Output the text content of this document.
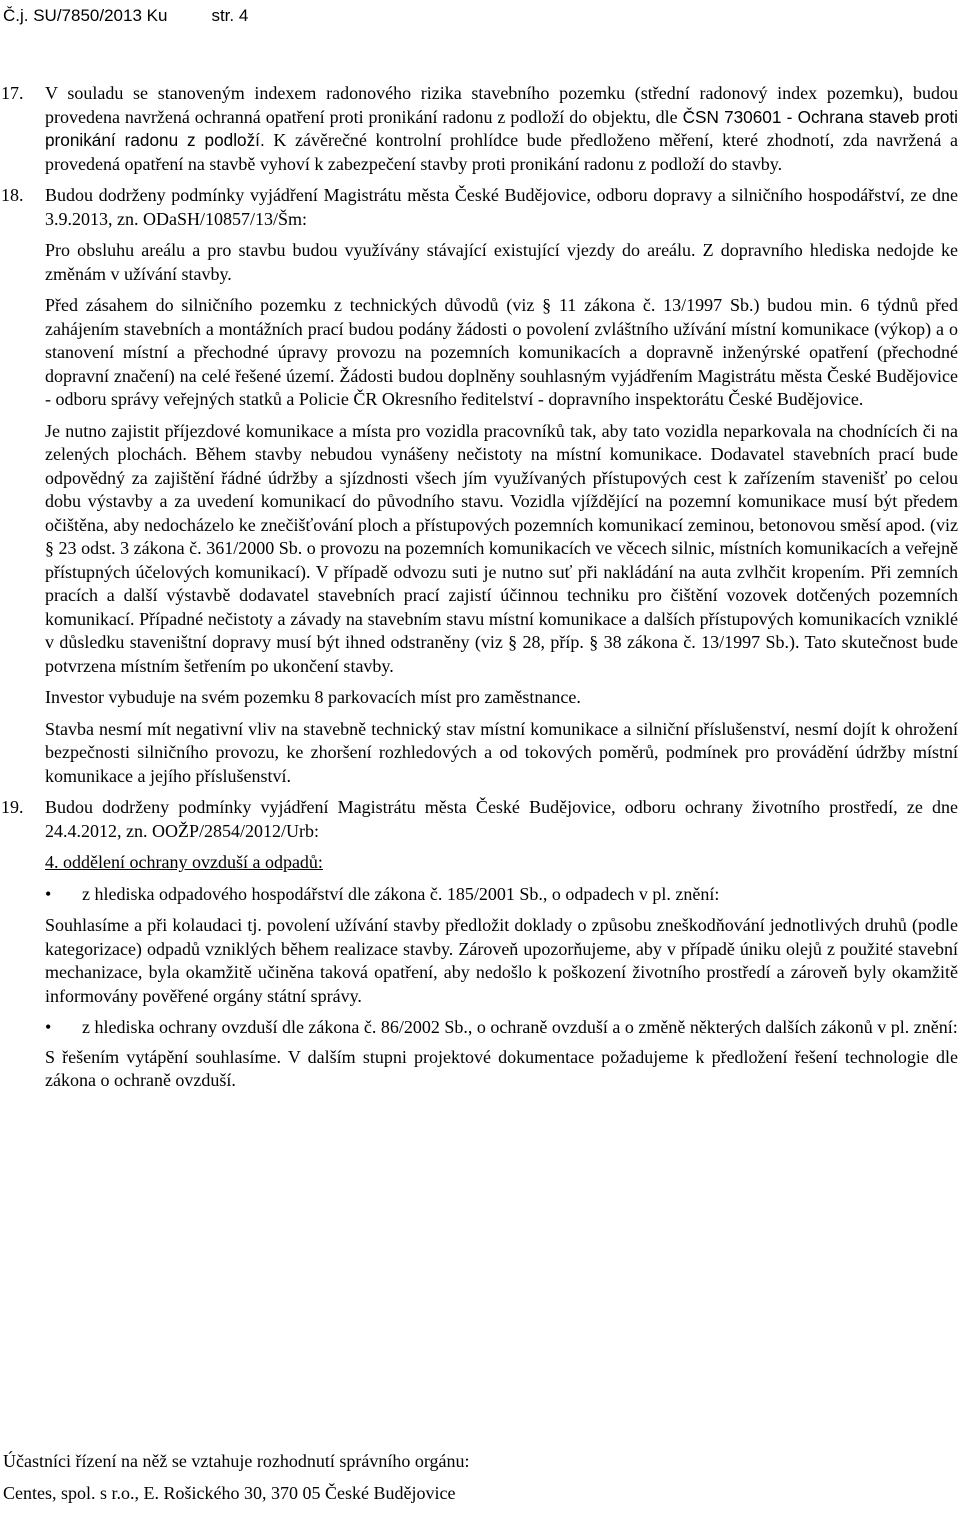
Č.j. SU/7850/2013 Ku	str. 4
17. V souladu se stanoveným indexem radonového rizika stavebního pozemku (střední radonový index pozemku), budou provedena navržená ochranná opatření proti pronikání radonu z podloží do objektu, dle ČSN 730601 - Ochrana staveb proti pronikání radonu z podloží. K závěrečné kontrolní prohlídce bude předloženo měření, které zhodnotí, zda navržená a provedená opatření na stavbě vyhoví k zabezpečení stavby proti pronikání radonu z podloží do stavby.

18. Budou dodrženy podmínky vyjádření Magistrátu města České Budějovice, odboru dopravy a silničního hospodářství, ze dne 3.9.2013, zn. ODaSH/10857/13/Šm:

Pro obsluhu areálu a pro stavbu budou využívány stávající existující vjezdy do areálu. Z dopravního hlediska nedojde ke změnám v užívání stavby.

Před zásahem do silničního pozemku z technických důvodů (viz § 11 zákona č. 13/1997 Sb.) budou min. 6 týdnů před zahájením stavebních a montážních prací budou podány žádosti o povolení zvláštního užívání místní komunikace (výkop) a o stanovení místní a přechodné úpravy provozu na pozemních komunikacích a dopravně inženýrské opatření (přechodné dopravní značení) na celé řešené území. Žádosti budou doplněny souhlasným vyjádřením Magistrátu města České Budějovice - odboru správy veřejných statků a Policie ČR Okresního ředitelství - dopravního inspektorátu České Budějovice.

Je nutno zajistit příjezdové komunikace a místa pro vozidla pracovníků tak, aby tato vozidla neparkovala na chodnících či na zelených plochách. Během stavby nebudou vynášeny nečistoty na místní komunikace. Dodavatel stavebních prací bude odpovědný za zajištění řádné údržby a sjízdnosti všech jím využívaných přístupových cest k zařízením stavenišť po celou dobu výstavby a za uvedení komunikací do původního stavu. Vozidla vjíždějící na pozemní komunikace musí být předem očištěna, aby nedocházelo ke znečišťování ploch a přístupových pozemních komunikací zeminou, betonovou směsí apod. (viz § 23 odst. 3 zákona č. 361/2000 Sb. o provozu na pozemních komunikacích ve věcech silnic, místních komunikacích a veřejně přístupných účelových komunikací). V případě odvozu suti je nutno suť při nakládání na auta zvlhčit kropením. Při zemních pracích a další výstavbě dodavatel stavebních prací zajistí účinnou techniku pro čištění vozovek dotčených pozemních komunikací. Případné nečistoty a závady na stavebním stavu místní komunikace a dalších přístupových komunikacích vzniklé v důsledku staveništní dopravy musí být ihned odstraněny (viz § 28, příp. § 38 zákona č. 13/1997 Sb.). Tato skutečnost bude potvrzena místním šetřením po ukončení stavby.

Investor vybuduje na svém pozemku 8 parkovacích míst pro zaměstnance.

Stavba nesmí mít negativní vliv na stavebně technický stav místní komunikace a silniční příslušenství, nesmí dojít k ohrožení bezpečnosti silničního provozu, ke zhoršení rozhledových a od tokových poměrů, podmínek pro provádění údržby místní komunikace a jejího příslušenství.

19. Budou dodrženy podmínky vyjádření Magistrátu města České Budějovice, odboru ochrany životního prostředí, ze dne 24.4.2012, zn. OOŽP/2854/2012/Urb:

4. oddělení ochrany ovzduší a odpadů:

• z hlediska odpadového hospodářství dle zákona č. 185/2001 Sb., o odpadech v pl. znění:

Souhlasíme a při kolaudaci tj. povolení užívání stavby předložit doklady o způsobu zneškodňování jednotlivých druhů (podle kategorizace) odpadů vzniklých během realizace stavby. Zároveň upozorňujeme, aby v případě úniku olejů z použité stavební mechanizace, byla okamžitě učiněna taková opatření, aby nedošlo k poškození životního prostředí a zároveň byly okamžitě informovány pověřené orgány státní správy.

• z hlediska ochrany ovzduší dle zákona č. 86/2002 Sb., o ochraně ovzduší a o změně některých dalších zákonů v pl. znění:

S řešením vytápění souhlasíme. V dalším stupni projektové dokumentace požadujeme k předložení řešení technologie dle zákona o ochraně ovzduší.

Účastníci řízení na něž se vztahuje rozhodnutí správního orgánu:

Centes, spol. s r.o., E. Rošického 30, 370 05 České Budějovice
